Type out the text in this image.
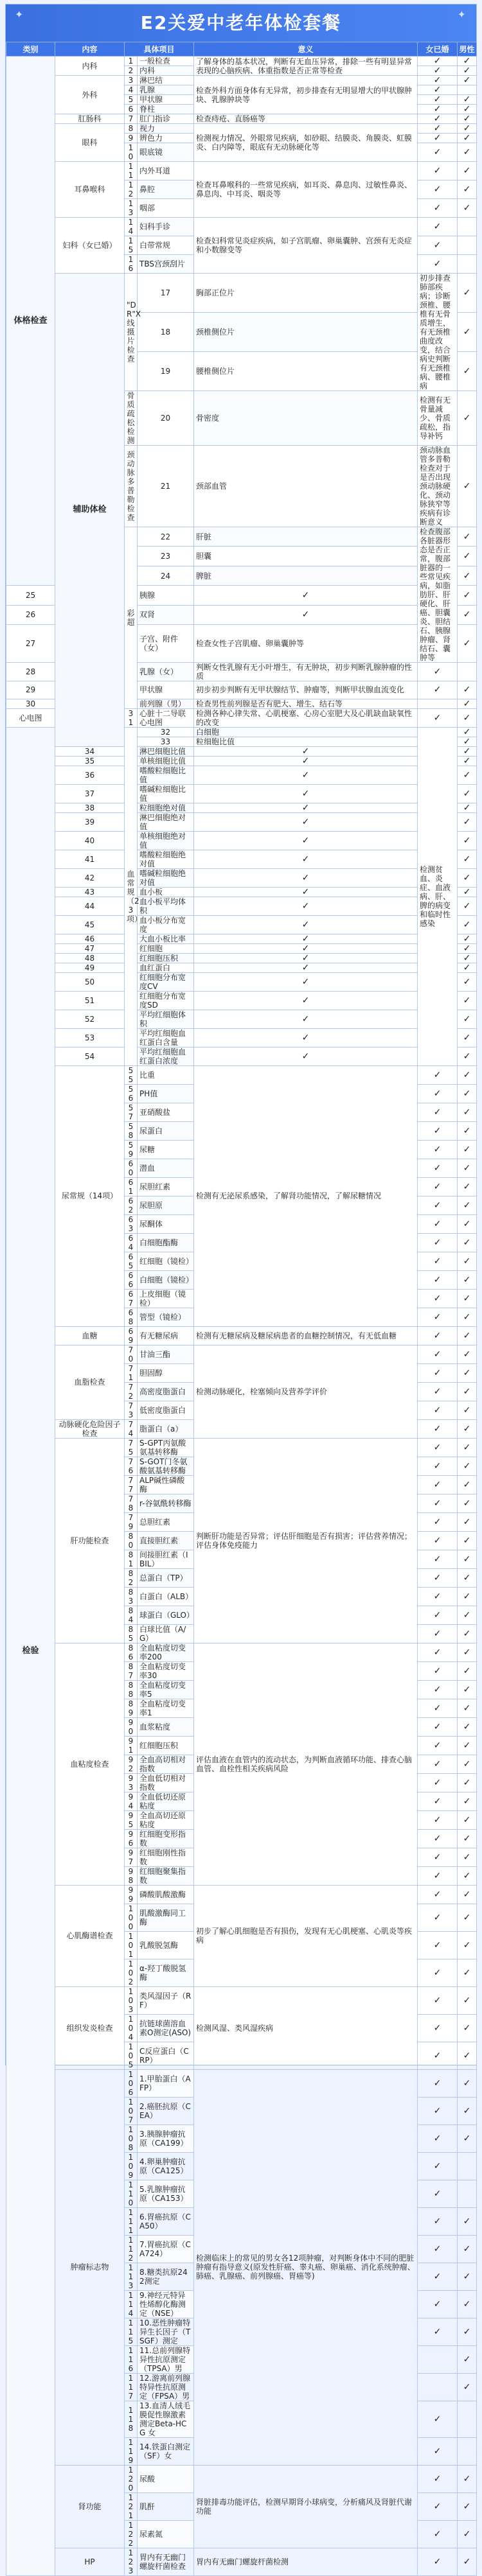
✦	E2关爱中老年体检套餐	✦
类别	内容	具体项目		意义	女已婚	男性	
体格检查	内科	1	一般检查	了解身体的基本状况，判断有无血压异常，排除一些有明显异常表现的心脑疾病、体重指数是否正常等检查	✓	✓	
		2	内科		✓	✓	
	外科	3	淋巴结	检查外科方面身体有无异常，初步排查有无明显增大的甲状腺肿块、乳腺肿块等	✓	✓	
		4	乳腺		✓		
		5	甲状腺		✓	✓	
		6	脊柱		✓	✓	
	肛肠科	7	肛门指诊	检查痔疮、直肠癌等	✓	✓	
	眼科	8	视力	检测视力情况、外眼常见疾病，如砂眼、结膜炎、角膜炎、虹膜炎、白内障等，眼底有无动脉硬化等	✓	✓	
		9	辨色力		✓	✓	
		10	眼底镜		✓	✓	
	耳鼻喉科	11	内外耳道	检查耳鼻喉科的一些常见疾病，如耳炎、鼻息肉、过敏性鼻炎、鼻息肉、中耳炎、咽炎等	✓	✓	
		12	鼻腔		✓	✓	
		13	咽部		✓	✓	
	妇科（女已婚）	14	妇科手诊	检查妇科常见炎症疾病，如子宫肌瘤、卵巢囊肿、宫颈有无炎症和小数腺变等	✓		
		15	白带常规		✓		
		16	TBS宫颈刮片		✓		
	辅助体检	"DR"X线摄片检查	17	胸部正位片	初步排查肺部疾病；诊断颈椎、腰椎有无骨质增生，有无颈椎曲度改变，结合病史判断有无颈椎病、腰椎病	✓	
			18	颈椎侧位片		✓	
			19	腰椎侧位片		✓	
		骨质疏松检测	20	骨密度	检测有无骨量减少、骨质疏松，指导补钙	✓	
		颈动脉多普勒检查	21	颈部血管	颈动脉血管多普勒检查对于是否出现颈动脉硬化、颈动脉狭窄等疾病有诊断意义	✓	
		彩超	22	肝脏	检查腹部各脏器形态是否正常，腹部脏器的一些常见疾病，如脂肪肝、肝硬化、肝癌、胆囊炎、胆结石、胰腺肿瘤、肾结石、囊肿等	✓	
			23	胆囊		✓	
			24	脾脏		✓	
25			胰腺	✓		✓	
26			双肾	✓		✓	
27			子宫、附件（女）	检查女性子宫肌瘤、卵巢囊肿等		✓	
28			乳腺（女）	判断女性乳腺有无小叶增生，有无肿块，初步判断乳腺肿瘤的性质	✓		
29			甲状腺	初步初步判断有无甲状腺结节、肿瘤等，判断甲状腺血流变化	✓	✓	
30			前列腺（男）	检查男性前列腺是否有肥大、增生、结石等		✓	
心电图		31	心脏十二导联心电图	检测各种心律失常、心肌梗塞、心房心室肥大及心肌缺血缺氧性的改变	✓	✓	
检验		血常规（23项）	32	白细胞	检测贫血、炎症、血液病、肝、脾的病变和临时性感染	✓	
			33	粒细胞比值		✓	
	34		淋巴细胞比值	✓		✓	
	35		单核细胞比值	✓		✓	
	36		嗜酸粒细胞比值	✓		✓	
	37		嗜碱粒细胞比值	✓		✓	
	38		粒细胞绝对值	✓		✓	
	39		淋巴细胞绝对值	✓		✓	
	40		单核细胞绝对值	✓		✓	
	41		嗜酸粒细胞绝对值	✓		✓	
	42		嗜碱粒细胞绝对值	✓		✓	
	43		血小板	✓		✓	
	44		血小板平均体积	✓		✓	
	45		血小板分布宽度	✓		✓	
	46		大血小板比率	✓		✓	
	47		红细胞	✓		✓	
	48		红细胞压积	✓		✓	
	49		血红蛋白	✓		✓	
	50		红细胞分布宽度CV	✓		✓	
	51		红细胞分布宽度SD	✓		✓	
	52		平均红细胞体积	✓		✓	
	53		平均红细胞血红蛋白含量	✓		✓	
	54		平均红细胞血红蛋白浓度	✓		✓	
	尿常规（14项）	55	比重	检测有无泌尿系感染，了解肾功能情况，了解尿糖情况	✓	✓	
		56	PH值		✓	✓	
		57	亚硝酸盐		✓	✓	
		58	尿蛋白		✓	✓	
		59	尿糖		✓	✓	
		60	潜血		✓	✓	
		61	尿胆红素		✓	✓	
		62	尿胆原		✓	✓	
		63	尿酮体		✓	✓	
		64	白细胞酯酶		✓	✓	
		65	红细胞（镜检）		✓	✓	
		66	白细胞（镜检）		✓	✓	
		67	上皮细胞（镜检）		✓	✓	
		68	管型（镜检）		✓	✓	
	血糖	69	有无糖尿病	检测有无糖尿病及糖尿病患者的血糖控制情况，有无低血糖	✓	✓	
	血脂检查	70	甘油三酯	检测动脉硬化，栓塞倾向及营养学评价	✓	✓	
		71	胆固醇		✓	✓	
		72	高密度脂蛋白		✓	✓	
		73	低密度脂蛋白		✓	✓	
	动脉硬化危险因子检查	74	脂蛋白（a）		✓	✓	
	肝功能检查	75	S-GPT丙氨酸氨基转移酶	判断肝功能是否异常；评估肝细胞是否有损害；评估营养情况；评估身体免疫能力	✓	✓	
		76	S-GOT门冬氨酸氨基转移酶		✓	✓	
		77	ALP碱性磷酸酶		✓	✓	
		78	r-谷氨酰转移酶		✓	✓	
		79	总胆红素		✓	✓	
		80	直接胆红素		✓	✓	
		81	间接胆红素（IBIL）		✓	✓	
		82	总蛋白（TP）		✓	✓	
		83	白蛋白（ALB）		✓	✓	
		84	球蛋白（GLO）		✓	✓	
		85	白球比值（A/G）		✓	✓	
	血粘度检查	86	全血粘度切变率200	评估血液在血管内的流动状态，为判断血液循环功能、排查心脑血管、血栓性相关疾病风险	✓	✓	
		87	全血粘度切变率30		✓	✓	
		88	全血粘度切变率5		✓	✓	
		89	全血粘度切变率1		✓	✓	
		90	血浆粘度		✓	✓	
		91	红细胞压积		✓	✓	
		92	全血高切相对指数		✓	✓	
		93	全血低切相对指数		✓	✓	
		94	全血低切还原粘度		✓	✓	
		95	全血高切还原粘度		✓	✓	
		96	红细胞变形指数		✓	✓	
		97	红细胞刚性指数		✓	✓	
		98	红细胞聚集指数		✓	✓	
	心肌酶谱检查	99	磷酸肌酸激酶	初步了解心肌细胞是否有损伤，发现有无心肌梗塞、心肌炎等疾病	✓	✓	
		100	肌酸激酶同工酶		✓	✓	
		101	乳酸脱氢酶		✓	✓	
		102	α-羟丁酸脱氢酶		✓	✓	
	组织发炎检查	103	类风湿因子（RF）	检测风湿、类风湿疾病	✓	✓	
		104	抗链球菌溶血素O测定(ASO)		✓	✓	
		105	C反应蛋白（CRP）		✓	✓	
	肿瘤标志物	106	1.甲胎蛋白（AFP）	检测临床上的常见的男女各12项肿瘤，对判断身体中不同的肥脏肿瘤有指导意义(原发性肝癌、睾丸癌、卵巢癌、消化系统肿瘤、肺癌、乳腺癌、前列腺癌、胃癌等)	✓	✓	
		107	2.癌胚抗原（CEA）		✓	✓	
		108	3.胰腺肿瘤抗原（CA199）		✓	✓	
		109	4.卵巢肿瘤抗原（CA125）		✓		
		110	5.乳腺肿瘤抗原（CA153）		✓		
		111	6.胃癌抗原（CA50）		✓	✓	
		112	7.胃癌抗原（CA724）		✓	✓	
		113	8.糖类抗原242测定		✓	✓	
		114	9.神经元特异性烯醇化酶测定（NSE）		✓	✓	
		115	10.恶性肿瘤特异生长因子（TSGF）测定		✓	✓	
		116	11.总前列腺特异性抗原测定（TPSA）男			✓	
		117	12.游离前列腺特异性抗原测定（FPSA）男			✓	
		118	13.血清人绒毛膜促性腺激素测定Beta-HCG 女		✓		
		119	14.铁蛋白测定（SF）女		✓		
	肾功能	120	尿酸	肾脏排毒功能评估，检测早期肾小球病变，分析痛风及肾脏代谢功能	✓	✓	
		121	肌酐		✓	✓	
		122	尿素氮		✓	✓	
	HP	123	胃内有无幽门螺旋杆菌检查	胃内有无幽门螺旋杆菌检测	✓	✓	
